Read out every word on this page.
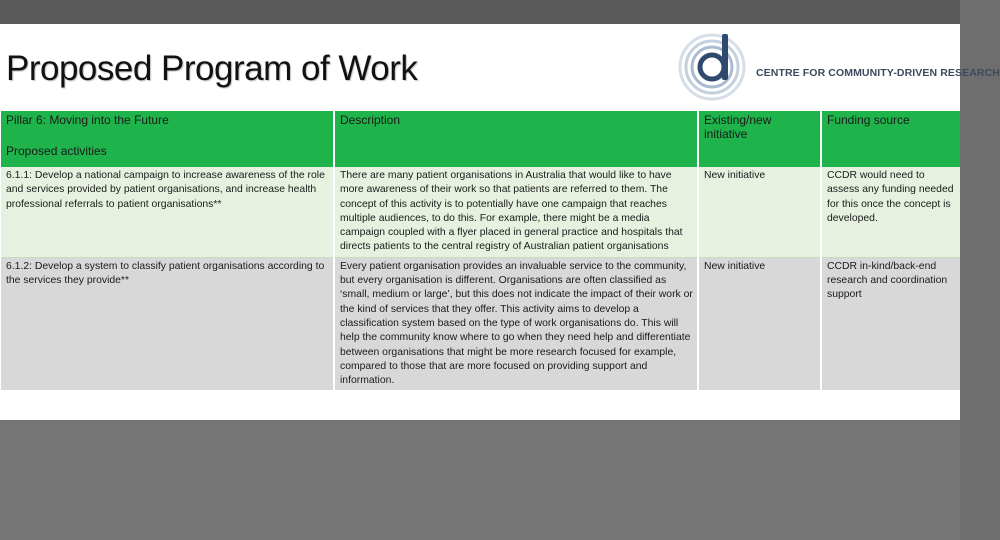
Proposed Program of Work	CENTRE FOR COMMUNITY-DRIVEN RESEARCH
Pillar 6: Moving into the Future
Proposed activities	Description	Existing/new initiative	Funding source
6.1.1: Develop a national campaign to increase awareness of the role and services provided by patient organisations, and increase health professional referrals to patient organisations**	There are many patient organisations in Australia that would like to have more awareness of their work so that patients are referred to them. The concept of this activity is to potentially have one campaign that reaches multiple audiences, to do this. For example, there might be a media campaign coupled with a flyer placed in general practice and hospitals that directs patients to the central registry of Australian patient organisations	New initiative	CCDR would need to assess any funding needed for this once the concept is developed.
6.1.2: Develop a system to classify patient organisations according to the services they provide**	Every patient organisation provides an invaluable service to the community, but every organisation is different. Organisations are often classified as ‘small, medium or large’, but this does not indicate the impact of their work or the kind of services that they offer. This activity aims to develop a classification system based on the type of work organisations do. This will help the community know where to go when they need help and differentiate between organisations that might be more research focused for example, compared to those that are more focused on providing support and information.	New initiative	CCDR in-kind/back-end research and coordination support
